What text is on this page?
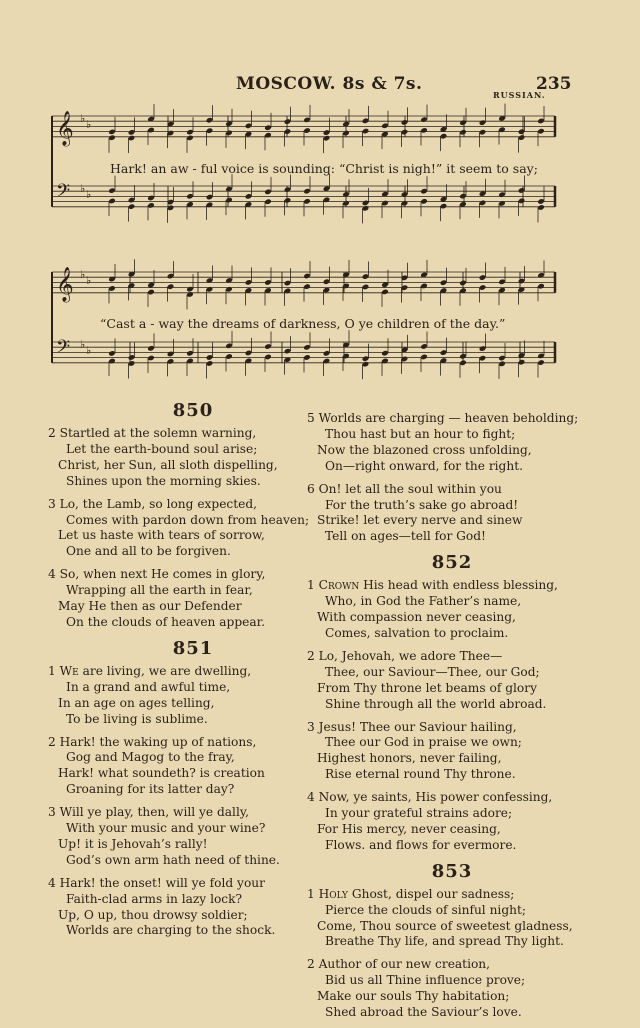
MOSCOW. 8s & 7s.	235
RUSSIAN.
𝄞 ♭ ♭
𝄢 ♭ ♭
Hark! an aw - ful voice is sounding: “Christ is nigh!” it seem to say;
𝄞 ♭ ♭
𝄢 ♭ ♭
“Cast a - way the dreams of darkness, O ye children of the day.”
850
2 Startled at the solemn warning,
Let the earth-bound soul arise;
Christ, her Sun, all sloth dispelling,
Shines upon the morning skies.
3 Lo, the Lamb, so long expected,
Comes with pardon down from heaven;
Let us haste with tears of sorrow,
One and all to be forgiven.
4 So, when next He comes in glory,
Wrapping all the earth in fear,
May He then as our Defender
On the clouds of heaven appear.
851
1 We are living, we are dwelling,
In a grand and awful time,
In an age on ages telling,
To be living is sublime.
2 Hark! the waking up of nations,
Gog and Magog to the fray,
Hark! what soundeth? is creation
Groaning for its latter day?
3 Will ye play, then, will ye dally,
With your music and your wine?
Up! it is Jehovah’s rally!
God’s own arm hath need of thine.
4 Hark! the onset! will ye fold your
Faith-clad arms in lazy lock?
Up, O up, thou drowsy soldier;
Worlds are charging to the shock.
5 Worlds are charging — heaven beholding;
Thou hast but an hour to fight;
Now the blazoned cross unfolding,
On—right onward, for the right.
6 On! let all the soul within you
For the truth’s sake go abroad!
Strike! let every nerve and sinew
Tell on ages—tell for God!
852
1 Crown His head with endless blessing,
Who, in God the Father’s name,
With compassion never ceasing,
Comes, salvation to proclaim.
2 Lo, Jehovah, we adore Thee—
Thee, our Saviour—Thee, our God;
From Thy throne let beams of glory
Shine through all the world abroad.
3 Jesus! Thee our Saviour hailing,
Thee our God in praise we own;
Highest honors, never failing,
Rise eternal round Thy throne.
4 Now, ye saints, His power confessing,
In your grateful strains adore;
For His mercy, never ceasing,
Flows. and flows for evermore.
853
1 Holy Ghost, dispel our sadness;
Pierce the clouds of sinful night;
Come, Thou source of sweetest gladness,
Breathe Thy life, and spread Thy light.
2 Author of our new creation,
Bid us all Thine influence prove;
Make our souls Thy habitation;
Shed abroad the Saviour’s love.
